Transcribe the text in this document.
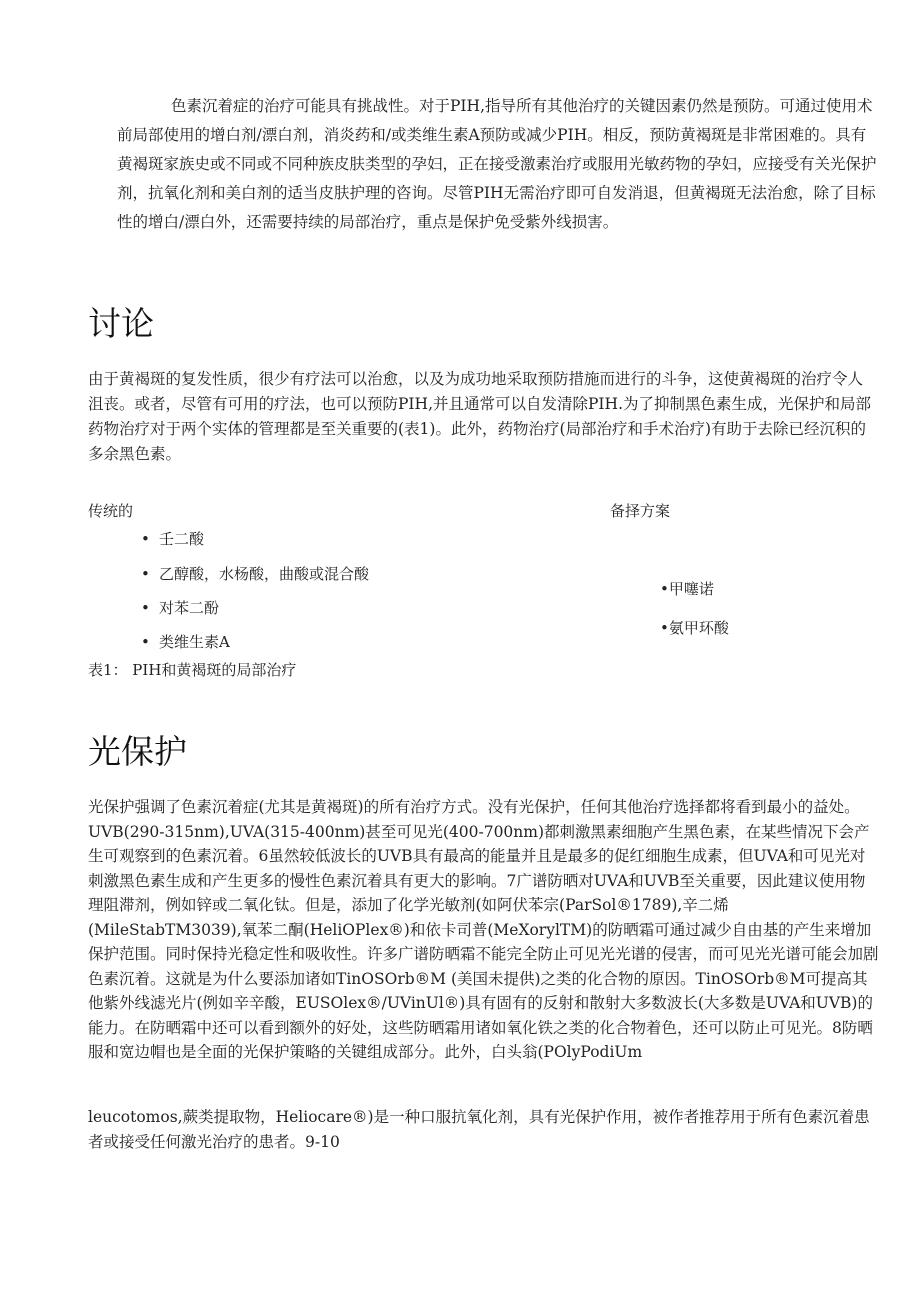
色素沉着症的治疗可能具有挑战性。对于PIH,指导所有其他治疗的关键因素仍然是预防。可通过使用术前局部使用的增白剂/漂白剂，消炎药和/或类维生素A预防或减少PIH。相反，预防黄褐斑是非常困难的。具有黄褐斑家族史或不同或不同种族皮肤类型的孕妇，正在接受激素治疗或服用光敏药物的孕妇，应接受有关光保护剂，抗氧化剂和美白剂的适当皮肤护理的咨询。尽管PIH无需治疗即可自发消退，但黄褐斑无法治愈，除了目标性的增白/漂白外，还需要持续的局部治疗，重点是保护免受紫外线损害。

讨论

由于黄褐斑的复发性质，很少有疗法可以治愈，以及为成功地采取预防措施而进行的斗争，这使黄褐斑的治疗令人沮丧。或者，尽管有可用的疗法，也可以预防PIH,并且通常可以自发清除PIH.为了抑制黑色素生成，光保护和局部药物治疗对于两个实体的管理都是至关重要的(表1)。此外，药物治疗(局部治疗和手术治疗)有助于去除已经沉积的多余黑色素。

传统的	备择方案
• 壬二酸
• 乙醇酸，水杨酸，曲酸或混合酸
• 对苯二酚
• 类维生素A
•甲噻诺
•氨甲环酸
表1： PIH和黄褐斑的局部治疗
光保护

光保护强调了色素沉着症(尤其是黄褐斑)的所有治疗方式。没有光保护，任何其他治疗选择都将看到最小的益处。UVB(290-315nm),UVA(315-400nm)甚至可见光(400-700nm)都刺激黑素细胞产生黑色素，在某些情况下会产生可观察到的色素沉着。6虽然较低波长的UVB具有最高的能量并且是最多的促红细胞生成素，但UVA和可见光对刺激黑色素生成和产生更多的慢性色素沉着具有更大的影响。7广谱防晒对UVA和UVB至关重要，因此建议使用物理阻滞剂，例如锌或二氧化钛。但是，添加了化学光敏剂(如阿伏苯宗(ParSol®1789),辛二烯(MileStabTM3039),氧苯二酮(HeliOPlex®)和依卡司普(MeXorylTM)的防晒霜可通过减少自由基的产生来增加保护范围。同时保持光稳定性和吸收性。许多广谱防晒霜不能完全防止可见光光谱的侵害，而可见光光谱可能会加剧色素沉着。这就是为什么要添加诸如TinOSOrb®M (美国未提供)之类的化合物的原因。TinOSOrb®M可提高其他紫外线滤光片(例如辛辛酸，EUSOlex®/UVinUl®)具有固有的反射和散射大多数波长(大多数是UVA和UVB)的能力。在防晒霜中还可以看到额外的好处，这些防晒霜用诸如氧化铁之类的化合物着色，还可以防止可见光。8防晒服和宽边帽也是全面的光保护策略的关键组成部分。此外，白头翁(POlyPodiUm

leucotomos,蕨类提取物，Heliocare®)是一种口服抗氧化剂，具有光保护作用，被作者推荐用于所有色素沉着患者或接受任何激光治疗的患者。9-10
